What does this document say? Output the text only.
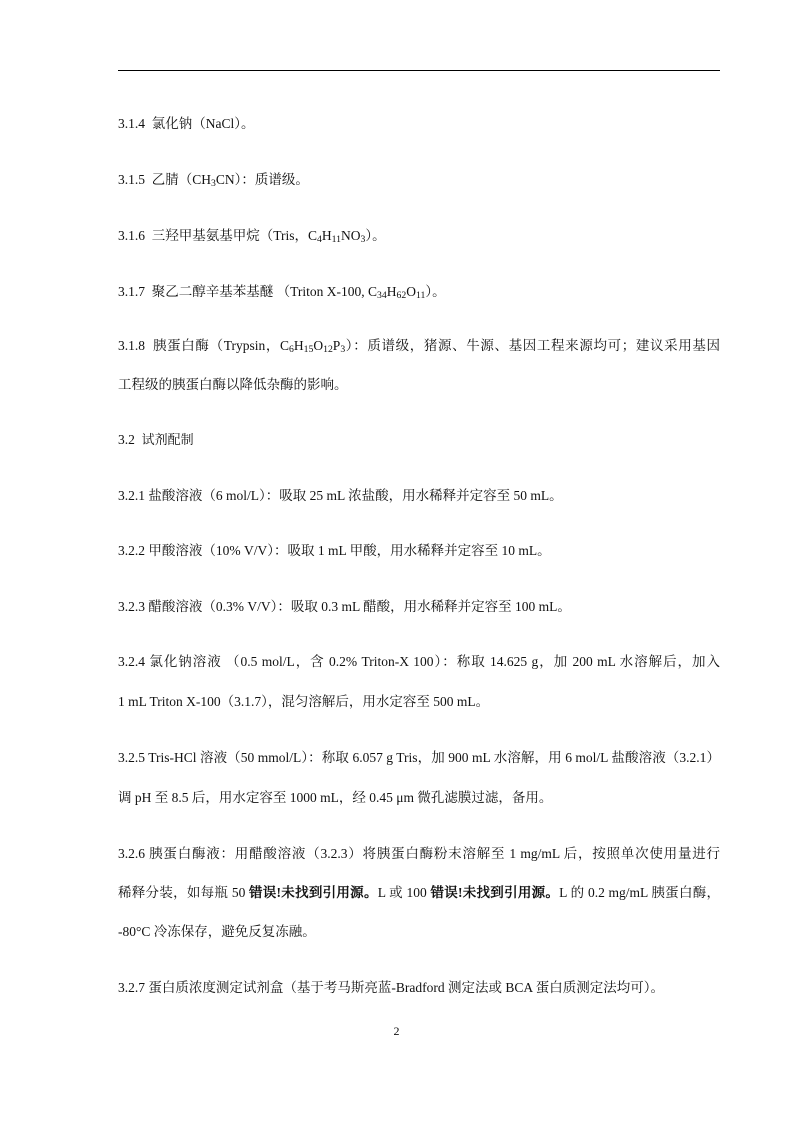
3.1.4 氯化钠（NaCl）。

3.1.5 乙腈$(CH_3CN)$：质谱级。

3.1.6 三羟甲基氨基甲烷（Tris，$C_4H_{11}NO_3$）。

3.1.7 聚乙二醇辛基苯基醚 （Triton X-100, $C_{34}H_{62}O_{11}$）。

3.1.8 胰蛋白酶（Trypsin，$C_6H_{15}O_{12}P_3$）：质谱级，猪源、牛源、基因工程来源均可；建议采用基因

工程级的胰蛋白酶以降低杂酶的影响。

3.2 试剂配制

3.2.1 盐酸溶液（6 mol/L）：吸取 25 mL 浓盐酸，用水稀释并定容至 50 mL。

3.2.2 甲酸溶液（10% V/V）：吸取 1 mL 甲酸，用水稀释并定容至 10 mL。

3.2.3 醋酸溶液（0.3% V/V）：吸取 0.3 mL 醋酸，用水稀释并定容至 100 mL。

3.2.4 氯化钠溶液 （0.5 mol/L，含 0.2% Triton-X 100）：称取 14.625 g，加 200 mL 水溶解后，加入

1 mL Triton X-100（3.1.7），混匀溶解后，用水定容至 500 mL。

3.2.5 Tris-HCl 溶液（50 mmol/L）：称取 6.057 g Tris，加 900 mL 水溶解，用 6 mol/L 盐酸溶液（3.2.1）

调 pH 至 8.5 后，用水定容至 1000 mL，经 0.45 μm 微孔滤膜过滤，备用。

3.2.6 胰蛋白酶液：用醋酸溶液（3.2.3）将胰蛋白酶粉末溶解至 1 mg/mL 后，按照单次使用量进行

稀释分装，如每瓶 50 错误!未找到引用源。L 或 100 错误!未找到引用源。L 的 0.2 mg/mL 胰蛋白酶，

-80°C 冷冻保存，避免反复冻融。

3.2.7 蛋白质浓度测定试剂盒（基于考马斯亮蓝-Bradford 测定法或 BCA 蛋白质测定法均可）。

2
